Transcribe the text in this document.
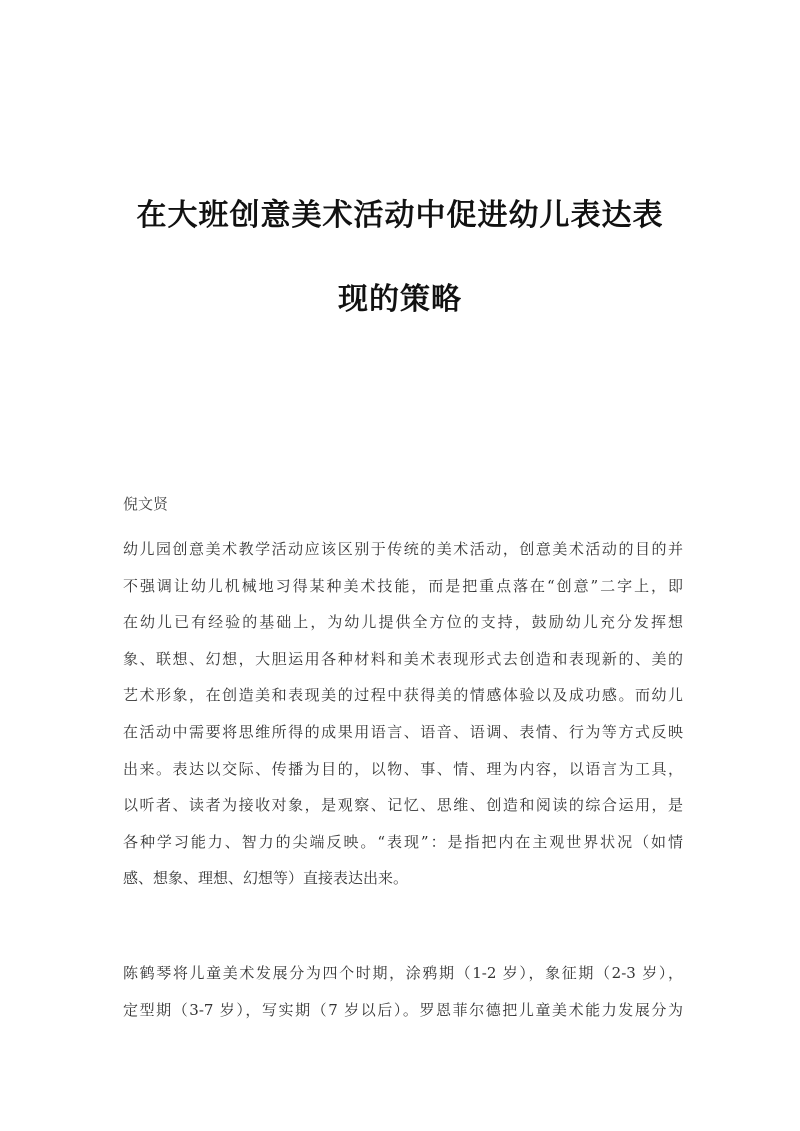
在大班创意美术活动中促进幼儿表达表
现的策略
倪文贤

幼儿园创意美术教学活动应该区别于传统的美术活动，创意美术活动的目的并
不强调让幼儿机械地习得某种美术技能，而是把重点落在“创意”二字上，即
在幼儿已有经验的基础上，为幼儿提供全方位的支持，鼓励幼儿充分发挥想
象、联想、幻想，大胆运用各种材料和美术表现形式去创造和表现新的、美的
艺术形象，在创造美和表现美的过程中获得美的情感体验以及成功感。而幼儿
在活动中需要将思维所得的成果用语言、语音、语调、表情、行为等方式反映
出来。表达以交际、传播为目的，以物、事、情、理为内容，以语言为工具，
以听者、读者为接收对象，是观察、记忆、思维、创造和阅读的综合运用，是
各种学习能力、智力的尖端反映。“表现”：是指把内在主观世界状况（如情
感、想象、理想、幻想等）直接表达出来。

陈鹤琴将儿童美术发展分为四个时期，涂鸦期（1-2 岁），象征期（2-3 岁），
定型期（3-7 岁），写实期（7 岁以后）。罗恩菲尔德把儿童美术能力发展分为
